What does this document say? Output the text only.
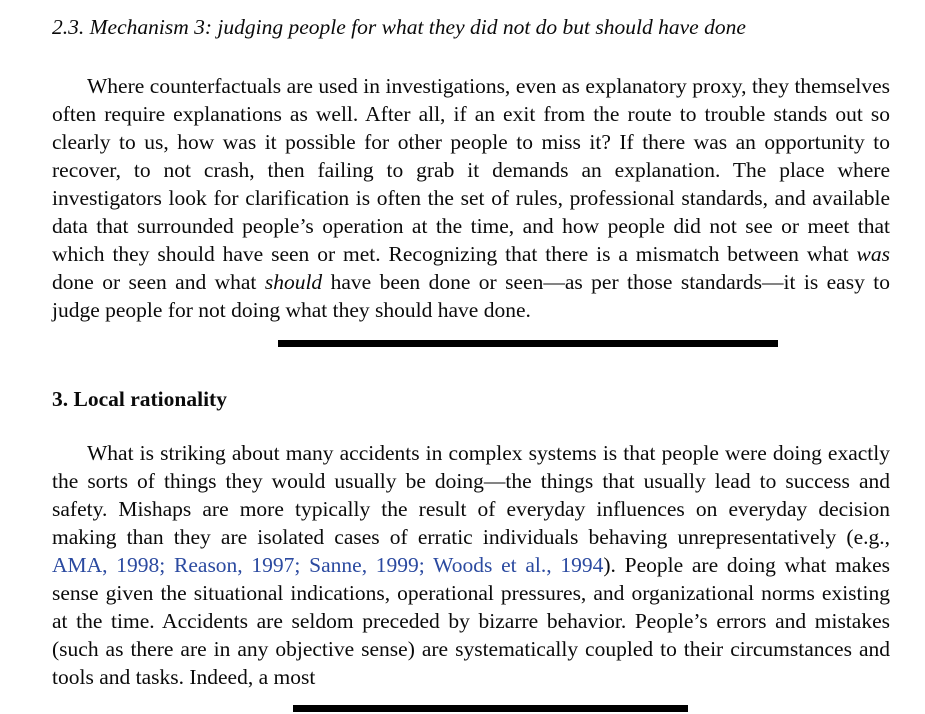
2.3. Mechanism 3: judging people for what they did not do but should have done

Where counterfactuals are used in investigations, even as explanatory proxy, they themselves often require explanations as well. After all, if an exit from the route to trouble stands out so clearly to us, how was it possible for other people to miss it? If there was an opportunity to recover, to not crash, then failing to grab it demands an explanation. The place where investigators look for clarification is often the set of rules, professional standards, and available data that surrounded people’s operation at the time, and how people did not see or meet that which they should have seen or met. Recognizing that there is a mismatch between what was done or seen and what should have been done or seen—as per those standards—it is easy to judge people for not doing what they should have done.

3. Local rationality

What is striking about many accidents in complex systems is that people were doing exactly the sorts of things they would usually be doing—the things that usually lead to success and safety. Mishaps are more typically the result of everyday influences on everyday decision making than they are isolated cases of erratic individuals behaving unrepresentatively (e.g., AMA, 1998; Reason, 1997; Sanne, 1999; Woods et al., 1994). People are doing what makes sense given the situational indications, operational pressures, and organizational norms existing at the time. Accidents are seldom preceded by bizarre behavior. People’s errors and mistakes (such as there are in any objective sense) are systematically coupled to their circumstances and tools and tasks. Indeed, a most
